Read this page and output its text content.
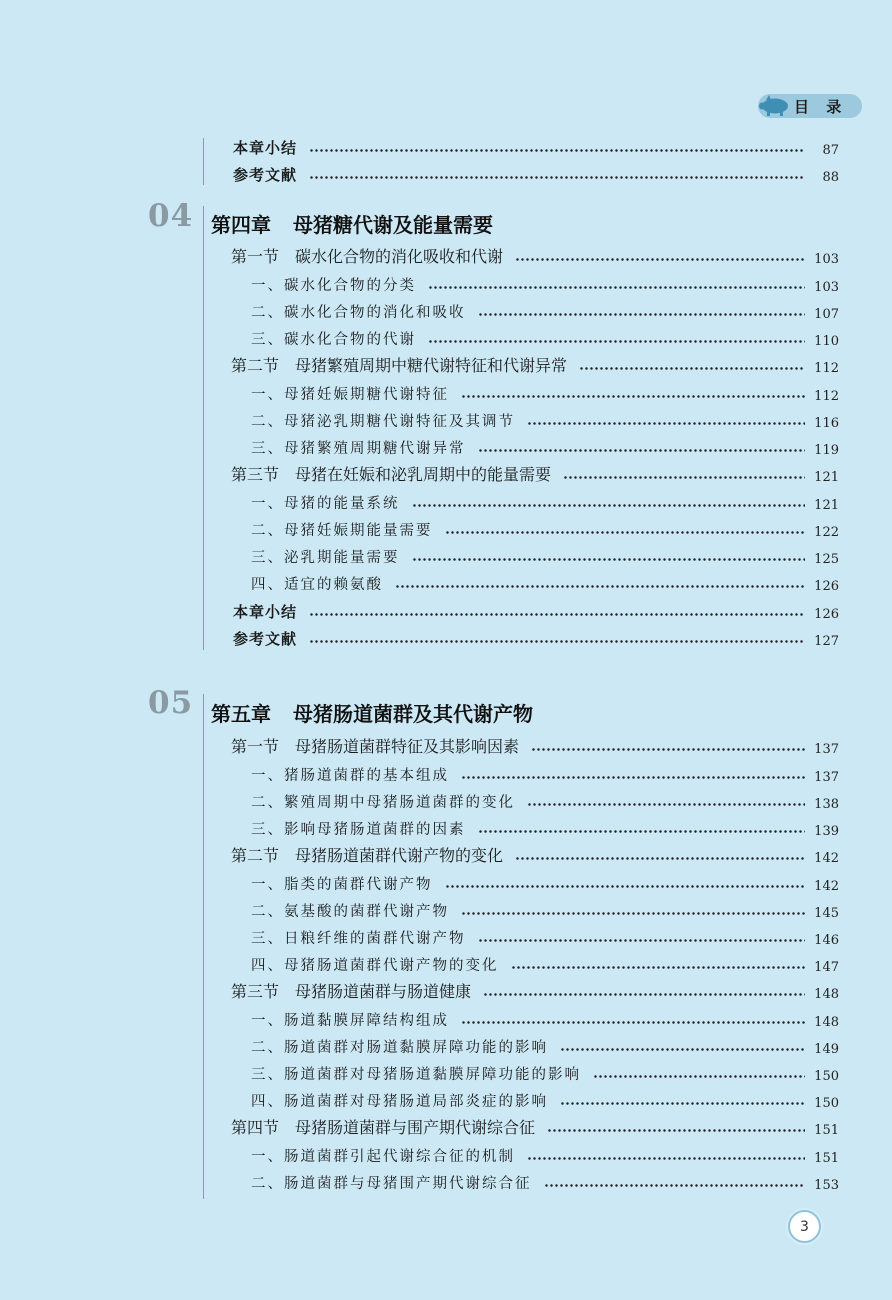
目 录
本章小结	87
参考文献	88
04 第四章 母猪糖代谢及能量需要
第一节　碳水化合物的消化吸收和代谢	103
一、碳水化合物的分类	103
二、碳水化合物的消化和吸收	107
三、碳水化合物的代谢	110
第二节　母猪繁殖周期中糖代谢特征和代谢异常	112
一、母猪妊娠期糖代谢特征	112
二、母猪泌乳期糖代谢特征及其调节	116
三、母猪繁殖周期糖代谢异常	119
第三节　母猪在妊娠和泌乳周期中的能量需要	121
一、母猪的能量系统	121
二、母猪妊娠期能量需要	122
三、泌乳期能量需要	125
四、适宜的赖氨酸	126
本章小结	126
参考文献	127
05 第五章 母猪肠道菌群及其代谢产物
第一节　母猪肠道菌群特征及其影响因素	137
一、猪肠道菌群的基本组成	137
二、繁殖周期中母猪肠道菌群的变化	138
三、影响母猪肠道菌群的因素	139
第二节　母猪肠道菌群代谢产物的变化	142
一、脂类的菌群代谢产物	142
二、氨基酸的菌群代谢产物	145
三、日粮纤维的菌群代谢产物	146
四、母猪肠道菌群代谢产物的变化	147
第三节　母猪肠道菌群与肠道健康	148
一、肠道黏膜屏障结构组成	148
二、肠道菌群对肠道黏膜屏障功能的影响	149
三、肠道菌群对母猪肠道黏膜屏障功能的影响	150
四、肠道菌群对母猪肠道局部炎症的影响	150
第四节　母猪肠道菌群与围产期代谢综合征	151
一、肠道菌群引起代谢综合征的机制	151
二、肠道菌群与母猪围产期代谢综合征	153
3
